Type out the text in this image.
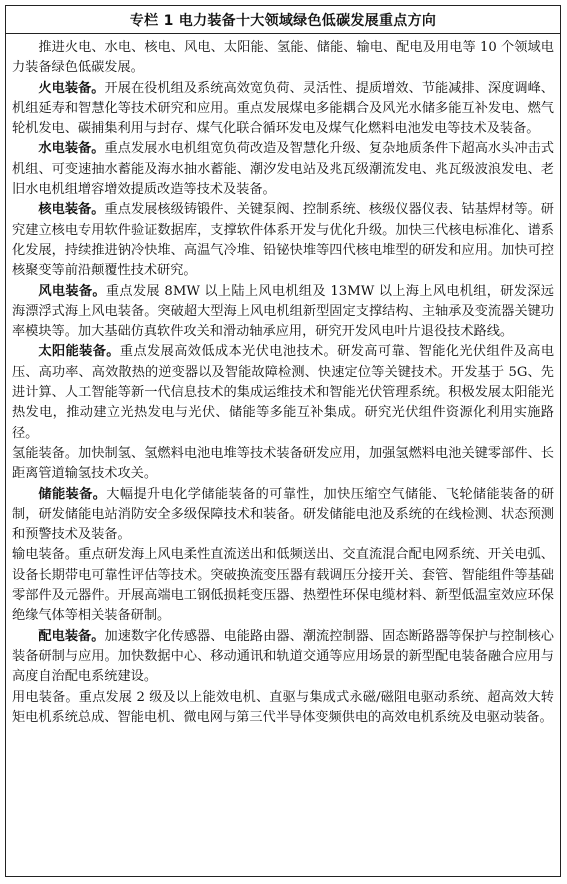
专栏 1 电力装备十大领域绿色低碳发展重点方向

推进火电、水电、核电、风电、太阳能、氢能、储能、输电、配电及用电等 10 个领域电力装备绿色低碳发展。

火电装备。开展在役机组及系统高效宽负荷、灵活性、提质增效、节能减排、深度调峰、机组延寿和智慧化等技术研究和应用。重点发展煤电多能耦合及风光水储多能互补发电、燃气轮机发电、碳捕集利用与封存、煤气化联合循环发电及煤气化燃料电池发电等技术及装备。

水电装备。重点发展水电机组宽负荷改造及智慧化升级、复杂地质条件下超高水头冲击式机组、可变速抽水蓄能及海水抽水蓄能、潮汐发电站及兆瓦级潮流发电、兆瓦级波浪发电、老旧水电机组增容增效提质改造等技术及装备。

核电装备。重点发展核级铸锻件、关键泵阀、控制系统、核级仪器仪表、钴基焊材等。研究建立核电专用软件验证数据库，支撑软件体系开发与优化升级。加快三代核电标准化、谱系化发展，持续推进钠冷快堆、高温气冷堆、铅铋快堆等四代核电堆型的研发和应用。加快可控核聚变等前沿颠覆性技术研究。

风电装备。重点发展 8MW 以上陆上风电机组及 13MW 以上海上风电机组，研发深远海漂浮式海上风电装备。突破超大型海上风电机组新型固定支撑结构、主轴承及变流器关键功率模块等。加大基础仿真软件攻关和滑动轴承应用，研究开发风电叶片退役技术路线。

太阳能装备。重点发展高效低成本光伏电池技术。研发高可靠、智能化光伏组件及高电压、高功率、高效散热的逆变器以及智能故障检测、快速定位等关键技术。开发基于 5G、先进计算、人工智能等新一代信息技术的集成运维技术和智能光伏管理系统。积极发展太阳能光热发电，推动建立光热发电与光伏、储能等多能互补集成。研究光伏组件资源化利用实施路径。

氢能装备。加快制氢、氢燃料电池电堆等技术装备研发应用，加强氢燃料电池关键零部件、长距离管道输氢技术攻关。

储能装备。大幅提升电化学储能装备的可靠性，加快压缩空气储能、飞轮储能装备的研制，研发储能电站消防安全多级保障技术和装备。研发储能电池及系统的在线检测、状态预测和预警技术及装备。

输电装备。重点研发海上风电柔性直流送出和低频送出、交直流混合配电网系统、开关电弧、设备长期带电可靠性评估等技术。突破换流变压器有载调压分接开关、套管、智能组件等基础零部件及元器件。开展高端电工钢低损耗变压器、热塑性环保电缆材料、新型低温室效应环保绝缘气体等相关装备研制。

配电装备。加速数字化传感器、电能路由器、潮流控制器、固态断路器等保护与控制核心装备研制与应用。加快数据中心、移动通讯和轨道交通等应用场景的新型配电装备融合应用与高度自治配电系统建设。

用电装备。重点发展 2 级及以上能效电机、直驱与集成式永磁/磁阻电驱动系统、超高效大转矩电机系统总成、智能电机、微电网与第三代半导体变频供电的高效电机系统及电驱动装备。
